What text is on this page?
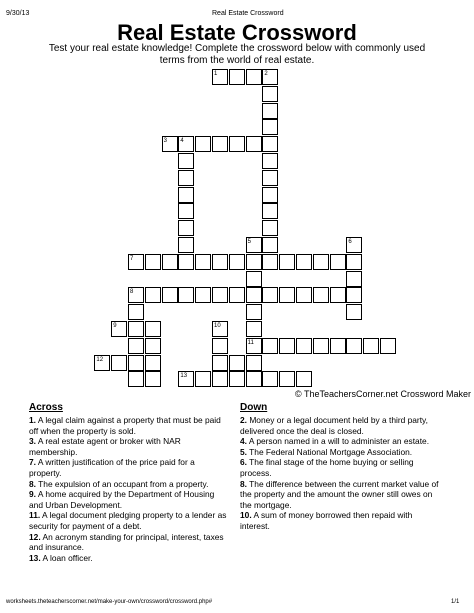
9/30/13	Real Estate Crossword
Real Estate Crossword
Test your real estate knowledge! Complete the crossword below with commonly used terms from the world of real estate.
1	2
3 4
5
11
6
7
8
9	10
12
13
© TheTeachersCorner.net Crossword Maker
Across
1. A legal claim against a property that must be paid off when the property is sold.
3. A real estate agent or broker with NAR membership.
7. A written justification of the price paid for a property.
8. The expulsion of an occupant from a property.
9. A home acquired by the Department of Housing and Urban Development.
11. A legal document pledging property to a lender as security for payment of a debt.
12. An acronym standing for principal, interest, taxes and insurance.
13. A loan officer.
Down
2. Money or a legal document held by a third party, delivered once the deal is closed.
4. A person named in a will to administer an estate.
5. The Federal National Mortgage Association.
6. The final stage of the home buying or selling process.
8. The difference between the current market value of the property and the amount the owner still owes on the mortgage.
10. A sum of money borrowed then repaid with interest.
worksheets.theteacherscorner.net/make-your-own/crossword/crossword.php#	1/1
